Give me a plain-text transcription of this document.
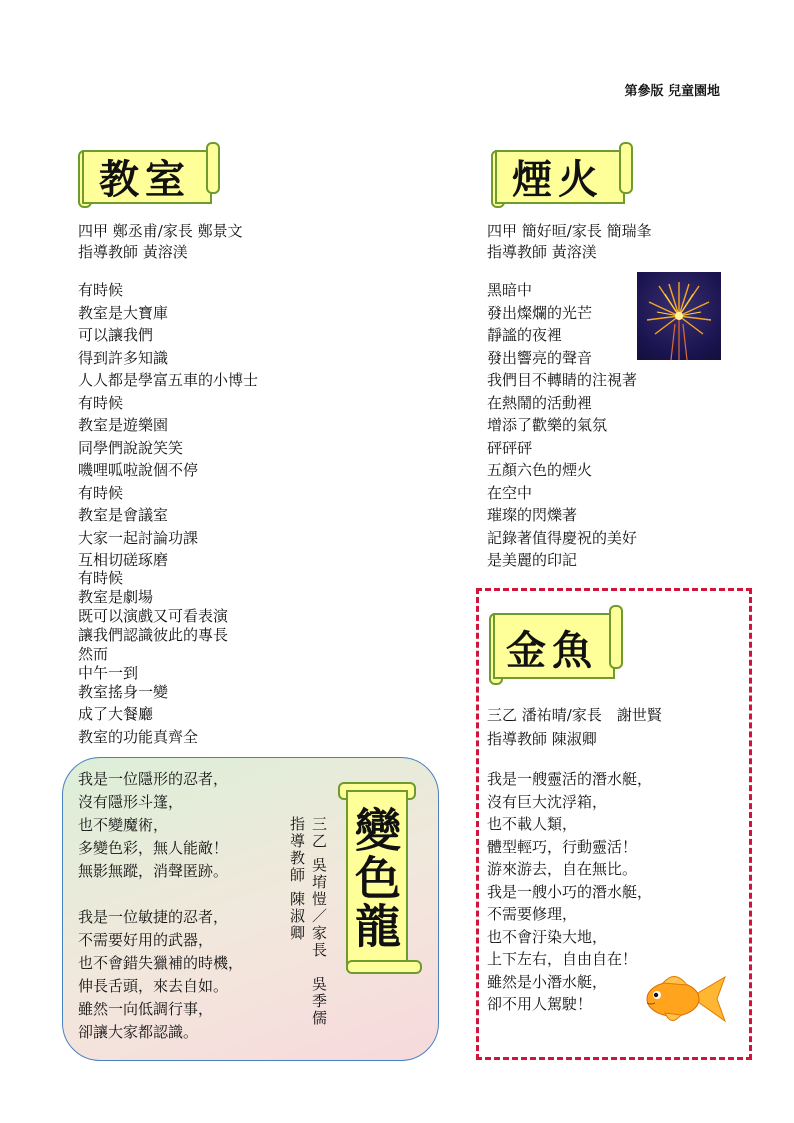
第參版 兒童園地
教室
四甲 鄭丞甫/家長 鄭景文
指導教師 黃溶渼
有時候
教室是大寶庫
可以讓我們
得到許多知識
人人都是學富五車的小博士
有時候
教室是遊樂園
同學們說說笑笑
嘰哩呱啦說個不停
有時候
教室是會議室
大家一起討論功課
互相切磋琢磨
有時候
教室是劇場
既可以演戲又可看表演
讓我們認識彼此的專長
然而
中午一到
教室搖身一變
成了大餐廳
教室的功能真齊全
煙火
四甲 簡好晅/家長 簡瑞夆
指導教師 黃溶渼
黑暗中
發出燦爛的光芒
靜謐的夜裡
發出響亮的聲音
我們目不轉睛的注視著
在熱鬧的活動裡
增添了歡樂的氣氛
砰砰砰
五顏六色的煙火
在空中
璀璨的閃爍著
記錄著值得慶祝的美好
是美麗的印記
金魚
三乙 潘祐晴/家長　謝世賢
指導教師 陳淑卿
我是一艘靈活的潛水艇，
沒有巨大沈浮箱，
也不載人類，
體型輕巧，行動靈活！
游來游去，自在無比。
我是一艘小巧的潛水艇，
不需要修理，
也不會汙染大地，
上下左右，自由自在！
雖然是小潛水艇，
卻不用人駕駛！
我是一位隱形的忍者，
沒有隱形斗篷，
也不變魔術，
多變色彩，無人能敵！
無影無蹤，消聲匿跡。
我是一位敏捷的忍者，
不需要好用的武器，
也不會錯失獵補的時機，
伸長舌頭，來去自如。
雖然一向低調行事，
卻讓大家都認識。
三乙 吳堉愷／家長　吳季儒
指導教師 陳淑卿 變色龍
